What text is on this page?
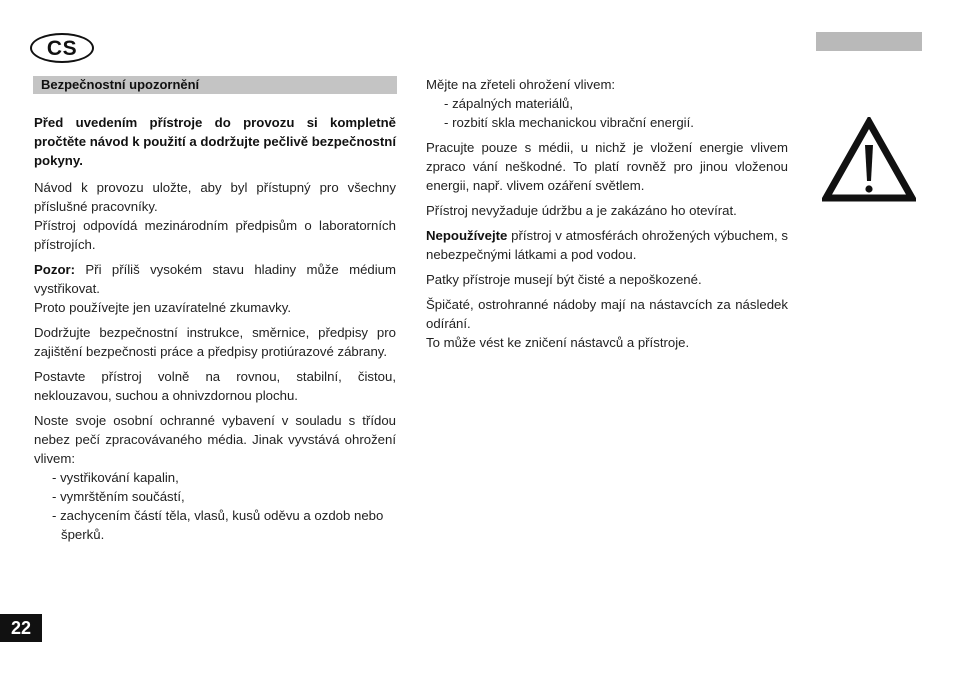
CS
Bezpečnostní upozornění

Před uvedením přístroje do provozu si kompletně pročtěte návod k použití a dodržujte pečlivě bezpečnostní pokyny.

Návod k provozu uložte, aby byl přístupný pro všechny příslušné pracovníky.
Přístroj odpovídá mezinárodním předpisům o laboratorních přístrojích.

Pozor: Při příliš vysokém stavu hladiny může médium vystřikovat.
Proto používejte jen uzavíratelné zkumavky.

Dodržujte bezpečnostní instrukce, směrnice, předpisy pro zajištění bezpečnosti práce a předpisy protiúrazové zábrany.

Postavte přístroj volně na rovnou, stabilní, čistou, neklouzavou, suchou a ohnivzdornou plochu.

Noste svoje osobní ochranné vybavení v souladu s třídou nebez pečí zpracovávaného média. Jinak vyvstává ohrožení vlivem:

- vystřikování kapalin,
- vymrštěním součástí,
- zachycením částí těla, vlasů, kusů oděvu a ozdob nebo šperků.

Mějte na zřeteli ohrožení vlivem:

- zápalných materiálů,
- rozbití skla mechanickou vibrační energií.

Pracujte pouze s médii, u nichž je vložení energie vlivem zpraco vání neškodné. To platí rovněž pro jinou vloženou energii, např. vlivem ozáření světlem.

Přístroj nevyžaduje údržbu a je zakázáno ho otevírat.

Nepoužívejte přístroj v atmosférách ohrožených výbuchem, s nebezpečnými látkami a pod vodou.

Patky přístroje musejí být čisté a nepoškozené.

Špičaté, ostrohranné nádoby mají na nástavcích za následek odírání.
To může vést ke zničení nástavců a přístroje.

22
